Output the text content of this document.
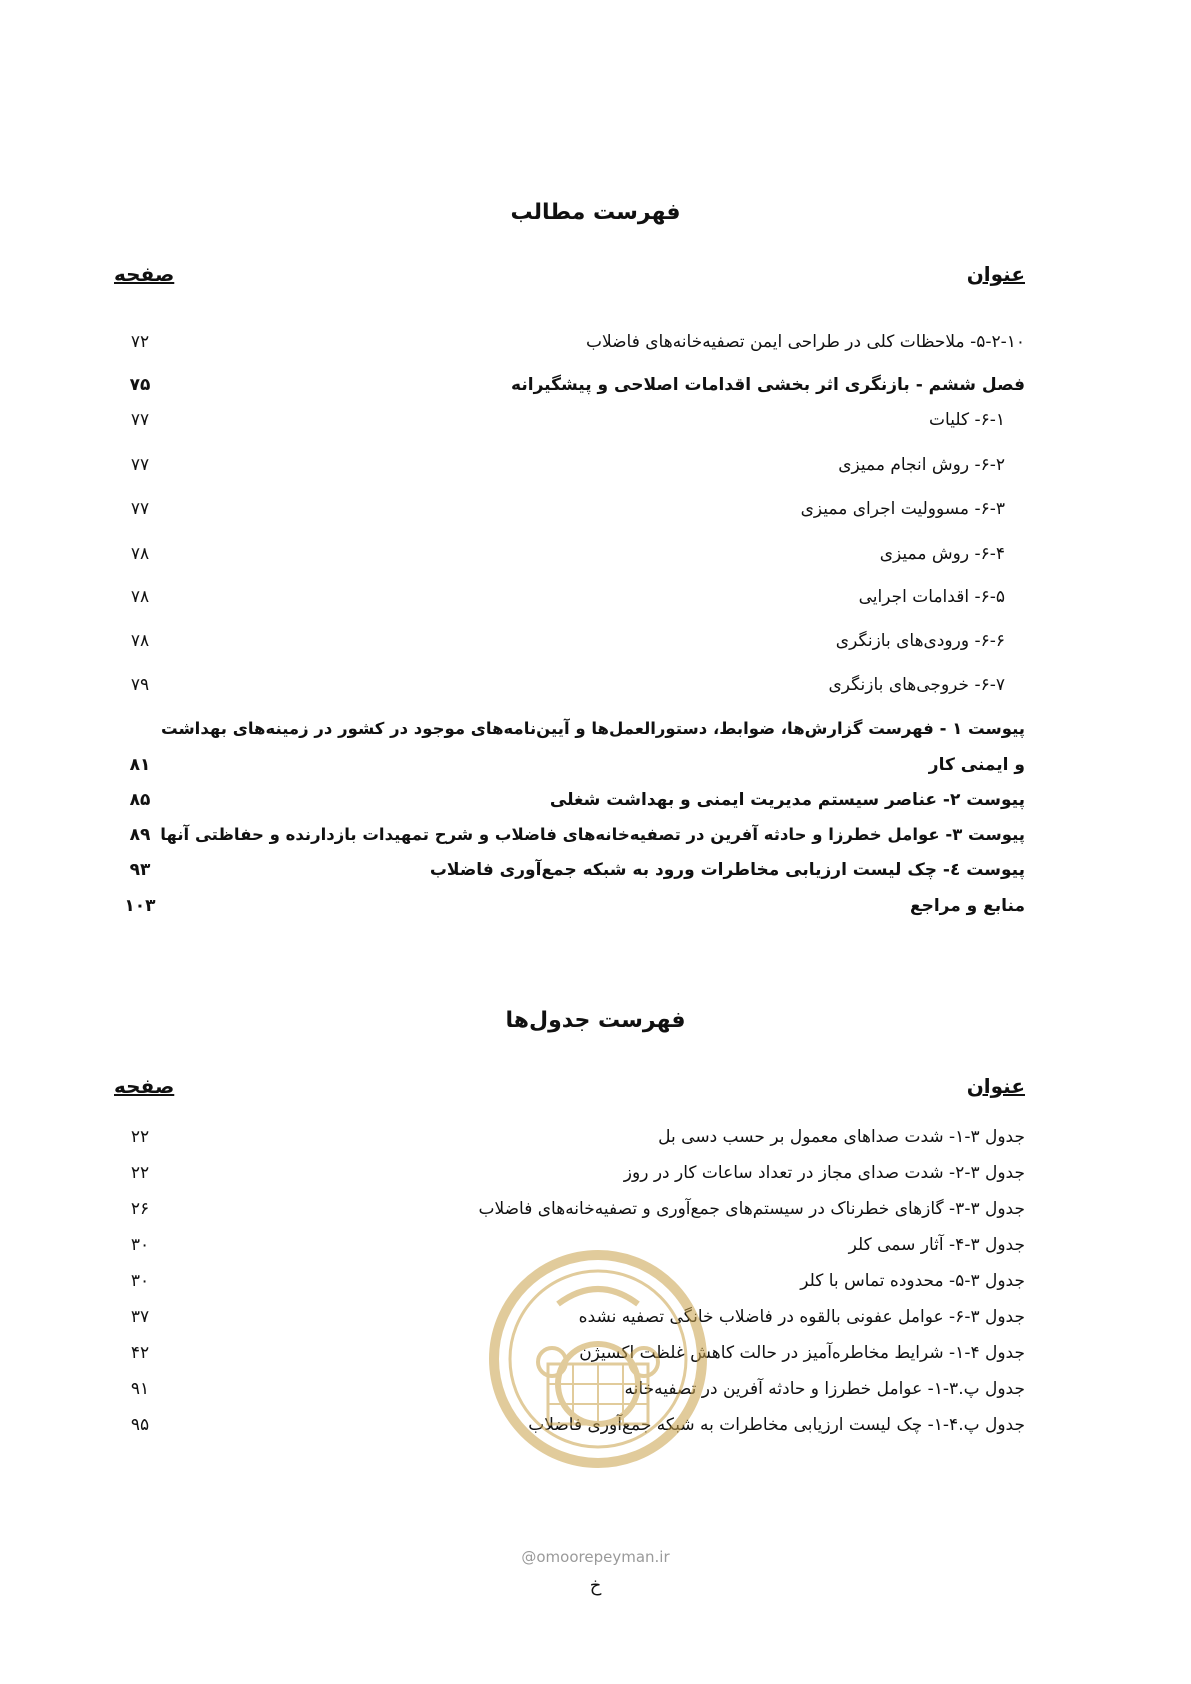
فهرست مطالب
عنوان
صفحه
۵-۲-۱۰- ملاحظات کلی در طراحی ایمن تصفیه‌خانه‌های فاضلاب
۷۲
فصل ششم - بازنگری اثر بخشی اقدامات اصلاحی و پیشگیرانه
۷۵
۶-۱- کلیات
۷۷
۶-۲- روش انجام ممیزی
۷۷
۶-۳- مسوولیت اجرای ممیزی
۷۷
۶-۴- روش ممیزی
۷۸
۶-۵- اقدامات اجرایی
۷۸
۶-۶- ورودی‌های بازنگری
۷۸
۶-۷- خروجی‌های بازنگری
۷۹
پیوست ۱ - فهرست گزارش‌ها، ضوابط، دستورالعمل‌ها و آیین‌نامه‌های موجود در کشور در زمینه‌های بهداشت
و ایمنی کار
۸۱
پیوست ۲- عناصر سیستم مدیریت ایمنی و بهداشت شغلی
۸۵
پیوست ۳- عوامل خطرزا و حادثه آفرین در تصفیه‌خانه‌های فاضلاب و شرح تمهیدات بازدارنده و حفاظتی آنها
۸۹
پیوست ٤- چک لیست ارزیابی مخاطرات ورود به شبکه جمع‌آوری فاضلاب
۹۳
منابع و مراجع
۱۰۳
فهرست جدول‌ها
عنوان
صفحه
جدول ۳-۱- شدت صداهای معمول بر حسب دسی بل
۲۲
جدول ۳-۲- شدت صدای مجاز در تعداد ساعات کار در روز
۲۲
جدول ۳-۳- گازهای خطرناک در سیستم‌های جمع‌آوری و تصفیه‌خانه‌های فاضلاب
۲۶
جدول ۳-۴- آثار سمی کلر
۳۰
جدول ۳-۵- محدوده تماس با کلر
۳۰
جدول ۳-۶- عوامل عفونی بالقوه در فاضلاب خانگی تصفیه نشده
۳۷
جدول ۴-۱- شرایط مخاطره‌آمیز در حالت کاهش غلظت اکسیژن
۴۲
جدول پ.۳-۱- عوامل خطرزا و حادثه آفرین در تصفیه‌خانه
۹۱
جدول پ.۴-۱- چک لیست ارزیابی مخاطرات به شبکه جمع‌آوری فاضلاب
۹۵
@omoorepeyman.ir
خ
